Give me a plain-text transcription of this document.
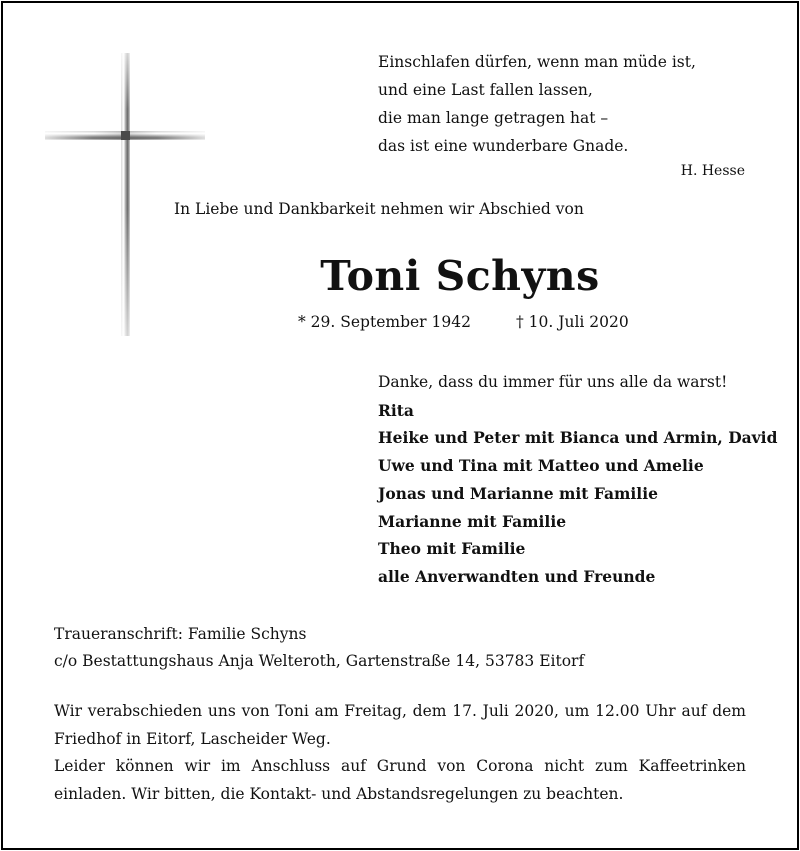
Einschlafen dürfen, wenn man müde ist,
und eine Last fallen lassen,
die man lange getragen hat –
das ist eine wunderbare Gnade.
H. Hesse
In Liebe und Dankbarkeit nehmen wir Abschied von
Toni Schyns
* 29. September 1942	† 10. Juli 2020
Danke, dass du immer für uns alle da warst!
Rita
Heike und Peter mit Bianca und Armin, David
Uwe und Tina mit Matteo und Amelie
Jonas und Marianne mit Familie
Marianne mit Familie
Theo mit Familie
alle Anverwandten und Freunde
Traueranschrift: Familie Schyns
c/o Bestattungshaus Anja Welteroth, Gartenstraße 14, 53783 Eitorf

Wir verabschieden uns von Toni am Freitag, dem 17. Juli 2020, um 12.00 Uhr auf dem Friedhof in Eitorf, Lascheider Weg.

Leider können wir im Anschluss auf Grund von Corona nicht zum Kaffeetrinken einladen. Wir bitten, die Kontakt- und Abstandsregelungen zu beachten.
